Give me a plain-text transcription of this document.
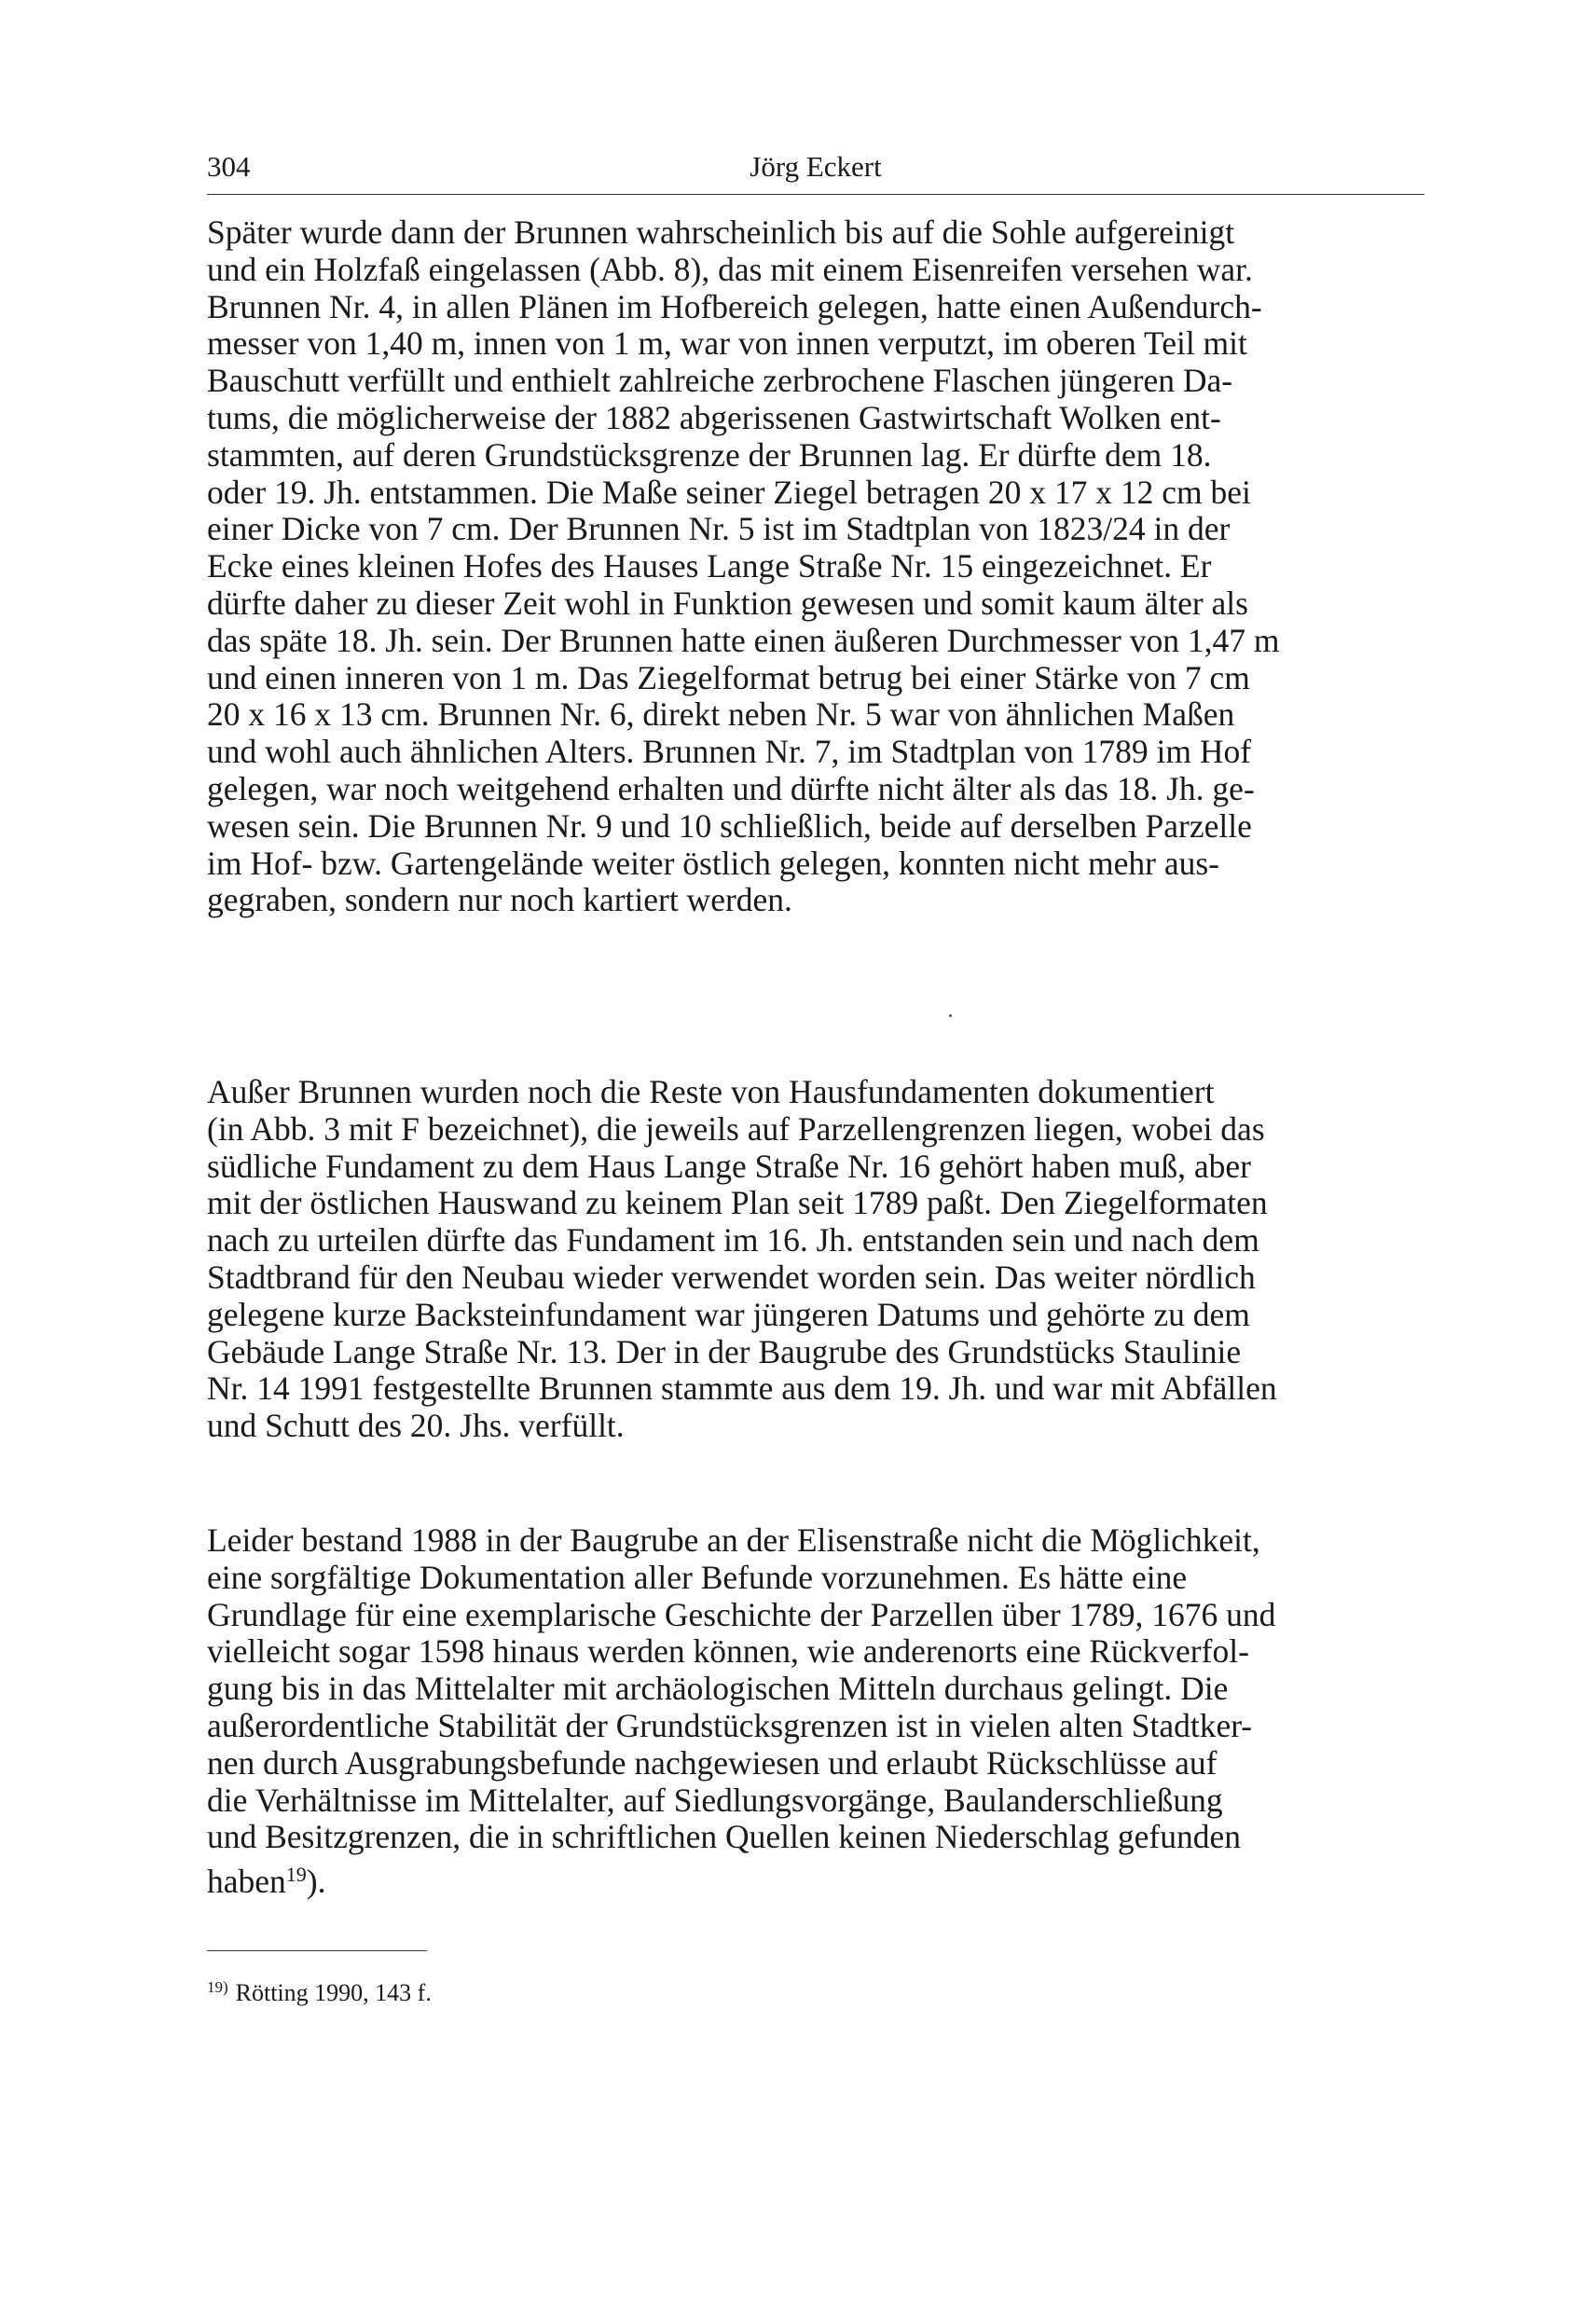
304	Jörg Eckert
Später wurde dann der Brunnen wahrscheinlich bis auf die Sohle aufgereinigt
und ein Holzfaß eingelassen (Abb. 8), das mit einem Eisenreifen versehen war.
Brunnen Nr. 4, in allen Plänen im Hofbereich gelegen, hatte einen Außendurch-
messer von 1,40 m, innen von 1 m, war von innen verputzt, im oberen Teil mit
Bauschutt verfüllt und enthielt zahlreiche zerbrochene Flaschen jüngeren Da-
tums, die möglicherweise der 1882 abgerissenen Gastwirtschaft Wolken ent-
stammten, auf deren Grundstücksgrenze der Brunnen lag. Er dürfte dem 18.
oder 19. Jh. entstammen. Die Maße seiner Ziegel betragen 20 x 17 x 12 cm bei
einer Dicke von 7 cm. Der Brunnen Nr. 5 ist im Stadtplan von 1823/24 in der
Ecke eines kleinen Hofes des Hauses Lange Straße Nr. 15 eingezeichnet. Er
dürfte daher zu dieser Zeit wohl in Funktion gewesen und somit kaum älter als
das späte 18. Jh. sein. Der Brunnen hatte einen äußeren Durchmesser von 1,47 m
und einen inneren von 1 m. Das Ziegelformat betrug bei einer Stärke von 7 cm
20 x 16 x 13 cm. Brunnen Nr. 6, direkt neben Nr. 5 war von ähnlichen Maßen
und wohl auch ähnlichen Alters. Brunnen Nr. 7, im Stadtplan von 1789 im Hof
gelegen, war noch weitgehend erhalten und dürfte nicht älter als das 18. Jh. ge-
wesen sein. Die Brunnen Nr. 9 und 10 schließlich, beide auf derselben Parzelle
im Hof- bzw. Gartengelände weiter östlich gelegen, konnten nicht mehr aus-
gegraben, sondern nur noch kartiert werden.
Außer Brunnen wurden noch die Reste von Hausfundamenten dokumentiert
(in Abb. 3 mit F bezeichnet), die jeweils auf Parzellengrenzen liegen, wobei das
südliche Fundament zu dem Haus Lange Straße Nr. 16 gehört haben muß, aber
mit der östlichen Hauswand zu keinem Plan seit 1789 paßt. Den Ziegelformaten
nach zu urteilen dürfte das Fundament im 16. Jh. entstanden sein und nach dem
Stadtbrand für den Neubau wieder verwendet worden sein. Das weiter nördlich
gelegene kurze Backsteinfundament war jüngeren Datums und gehörte zu dem
Gebäude Lange Straße Nr. 13. Der in der Baugrube des Grundstücks Staulinie
Nr. 14 1991 festgestellte Brunnen stammte aus dem 19. Jh. und war mit Abfällen
und Schutt des 20. Jhs. verfüllt.
Leider bestand 1988 in der Baugrube an der Elisenstraße nicht die Möglichkeit,
eine sorgfältige Dokumentation aller Befunde vorzunehmen. Es hätte eine
Grundlage für eine exemplarische Geschichte der Parzellen über 1789, 1676 und
vielleicht sogar 1598 hinaus werden können, wie anderenorts eine Rückverfol-
gung bis in das Mittelalter mit archäologischen Mitteln durchaus gelingt. Die
außerordentliche Stabilität der Grundstücksgrenzen ist in vielen alten Stadtker-
nen durch Ausgrabungsbefunde nachgewiesen und erlaubt Rückschlüsse auf
die Verhältnisse im Mittelalter, auf Siedlungsvorgänge, Baulanderschließung
und Besitzgrenzen, die in schriftlichen Quellen keinen Niederschlag gefunden
haben$^{19}$).
$^{19)}$ Rötting 1990, 143 f.
